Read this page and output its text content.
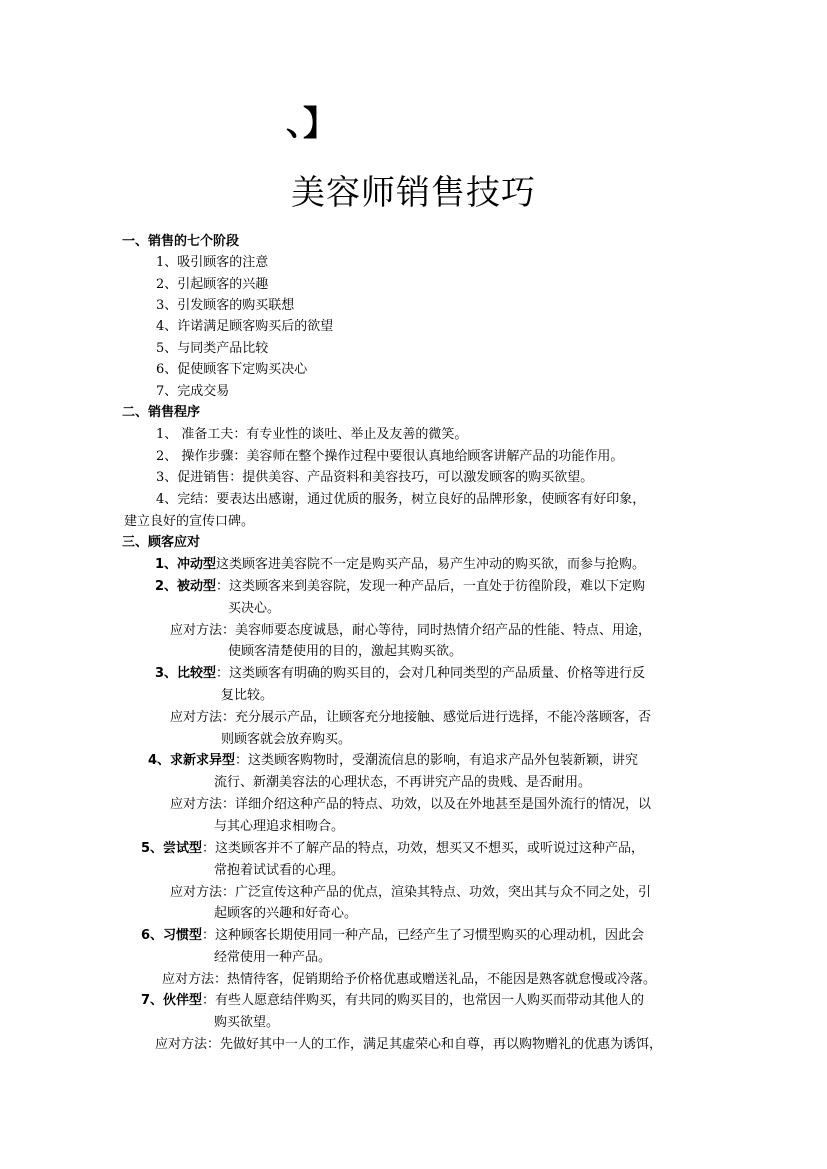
、】
美容师销售技巧
一、销售的七个阶段
1、吸引顾客的注意
2、引起顾客的兴趣
3、引发顾客的购买联想
4、许诺满足顾客购买后的欲望
5、与同类产品比较
6、促使顾客下定购买决心
7、完成交易
二、销售程序
1、 准备工夫：有专业性的谈吐、举止及友善的微笑。
2、 操作步骤：美容师在整个操作过程中要很认真地给顾客讲解产品的功能作用。
3、促进销售：提供美容、产品资料和美容技巧，可以激发顾客的购买欲望。
4、完结：要表达出感谢，通过优质的服务，树立良好的品牌形象，使顾客有好印象，
建立良好的宣传口碑。
三、顾客应对
1、冲动型这类顾客进美容院不一定是购买产品，易产生冲动的购买欲，而参与抢购。
2、被动型：这类顾客来到美容院，发现一种产品后，一直处于彷徨阶段，难以下定购
买决心。
应对方法：美容师要态度诚恳，耐心等待，同时热情介绍产品的性能、特点、用途，
使顾客清楚使用的目的，激起其购买欲。
3、比较型：这类顾客有明确的购买目的，会对几种同类型的产品质量、价格等进行反
复比较。
应对方法：充分展示产品，让顾客充分地接触、感觉后进行选择，不能冷落顾客，否
则顾客就会放弃购买。
4、求新求异型：这类顾客购物时，受潮流信息的影响，有追求产品外包装新颖，讲究
流行、新潮美容法的心理状态，不再讲究产品的贵贱、是否耐用。
应对方法：详细介绍这种产品的特点、功效，以及在外地甚至是国外流行的情况，以
与其心理追求相吻合。
5、尝试型：这类顾客并不了解产品的特点，功效，想买又不想买，或听说过这种产品，
常抱着试试看的心理。
应对方法：广泛宣传这种产品的优点，渲染其特点、功效，突出其与众不同之处，引
起顾客的兴趣和好奇心。
6、习惯型：这种顾客长期使用同一种产品，已经产生了习惯型购买的心理动机，因此会
经常使用一种产品。
应对方法：热情待客，促销期给予价格优惠或赠送礼品，不能因是熟客就怠慢或冷落。
7、伙伴型：有些人愿意结伴购买，有共同的购买目的，也常因一人购买而带动其他人的
购买欲望。
应对方法：先做好其中一人的工作，满足其虚荣心和自尊，再以购物赠礼的优惠为诱饵，
